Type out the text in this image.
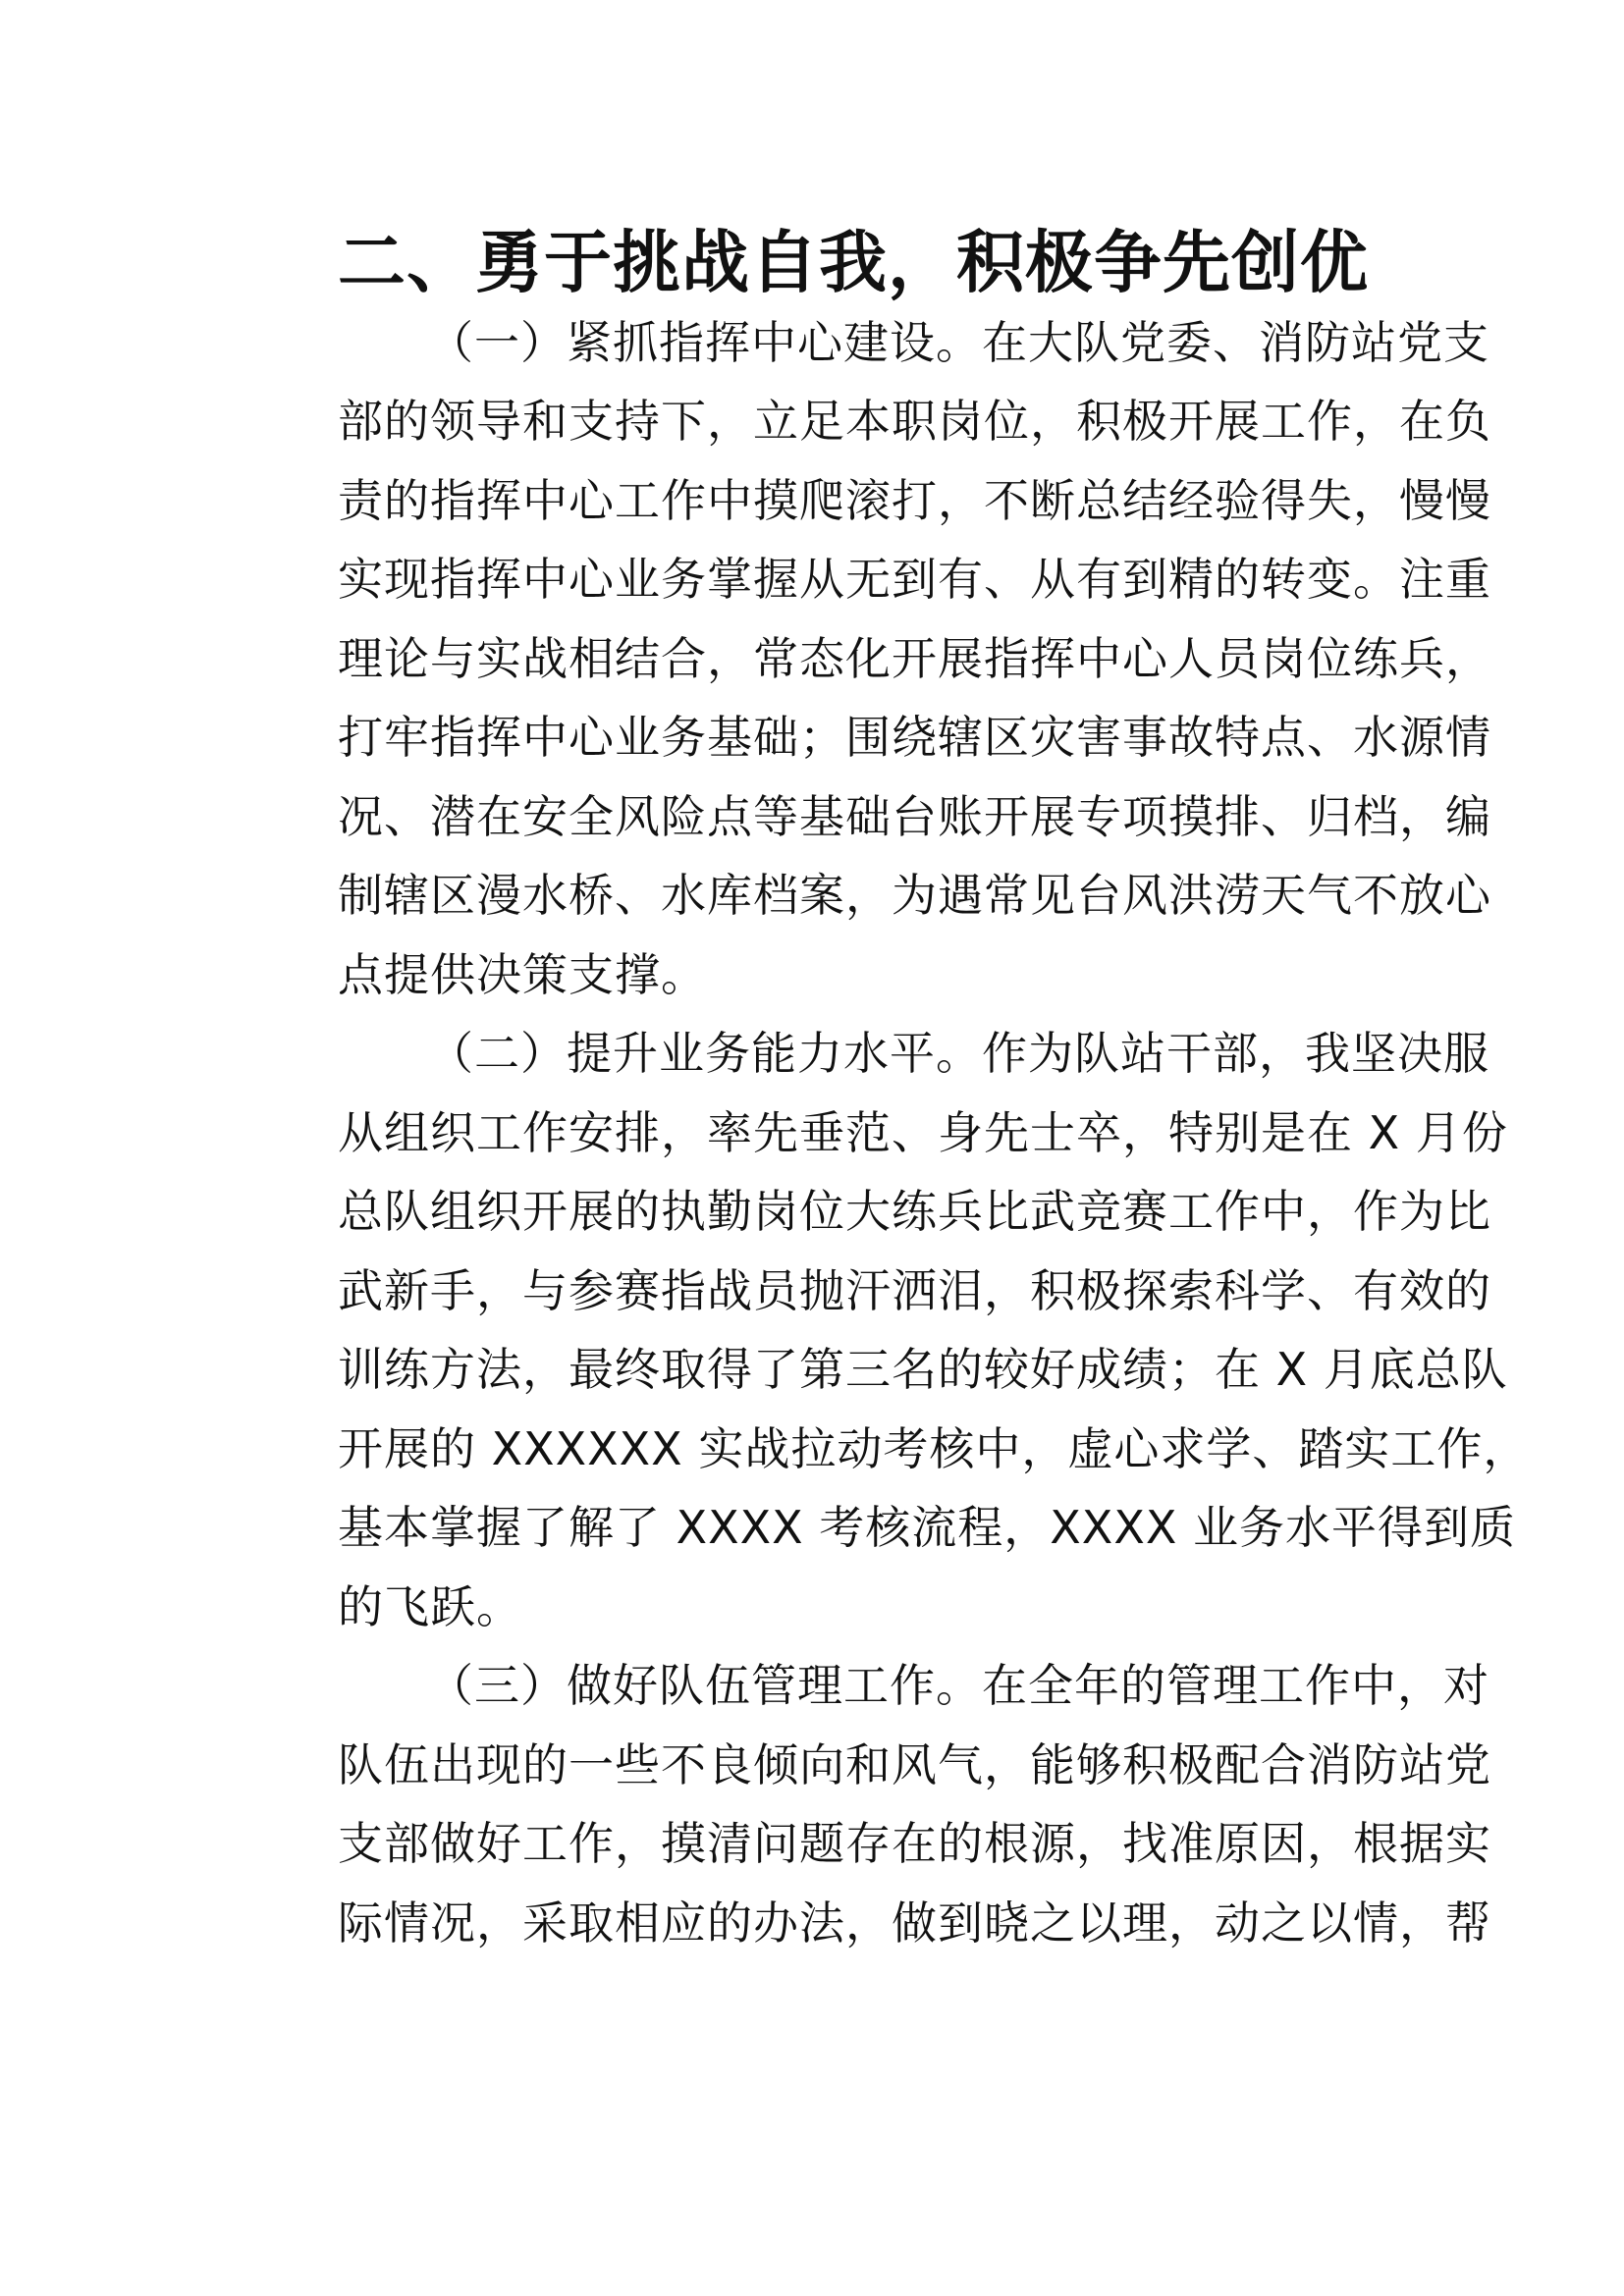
二、勇于挑战自我，积极争先创优

（一）紧抓指挥中心建设。在大队党委、消防站党支
部的领导和支持下，立足本职岗位，积极开展工作，在负
责的指挥中心工作中摸爬滚打，不断总结经验得失，慢慢
实现指挥中心业务掌握从无到有、从有到精的转变。注重
理论与实战相结合，常态化开展指挥中心人员岗位练兵，
打牢指挥中心业务基础；围绕辖区灾害事故特点、水源情
况、潜在安全风险点等基础台账开展专项摸排、归档，编
制辖区漫水桥、水库档案，为遇常见台风洪涝天气不放心
点提供决策支撑。

（二）提升业务能力水平。作为队站干部，我坚决服
从组织工作安排，率先垂范、身先士卒，特别是在 X 月份
总队组织开展的执勤岗位大练兵比武竞赛工作中，作为比
武新手，与参赛指战员抛汗洒泪，积极探索科学、有效的
训练方法，最终取得了第三名的较好成绩；在 X 月底总队
开展的 XXXXXX 实战拉动考核中，虚心求学、踏实工作，
基本掌握了解了 XXXX 考核流程，XXXX 业务水平得到质
的飞跃。

（三）做好队伍管理工作。在全年的管理工作中，对
队伍出现的一些不良倾向和风气，能够积极配合消防站党
支部做好工作，摸清问题存在的根源，找准原因，根据实
际情况，采取相应的办法，做到晓之以理，动之以情，帮
